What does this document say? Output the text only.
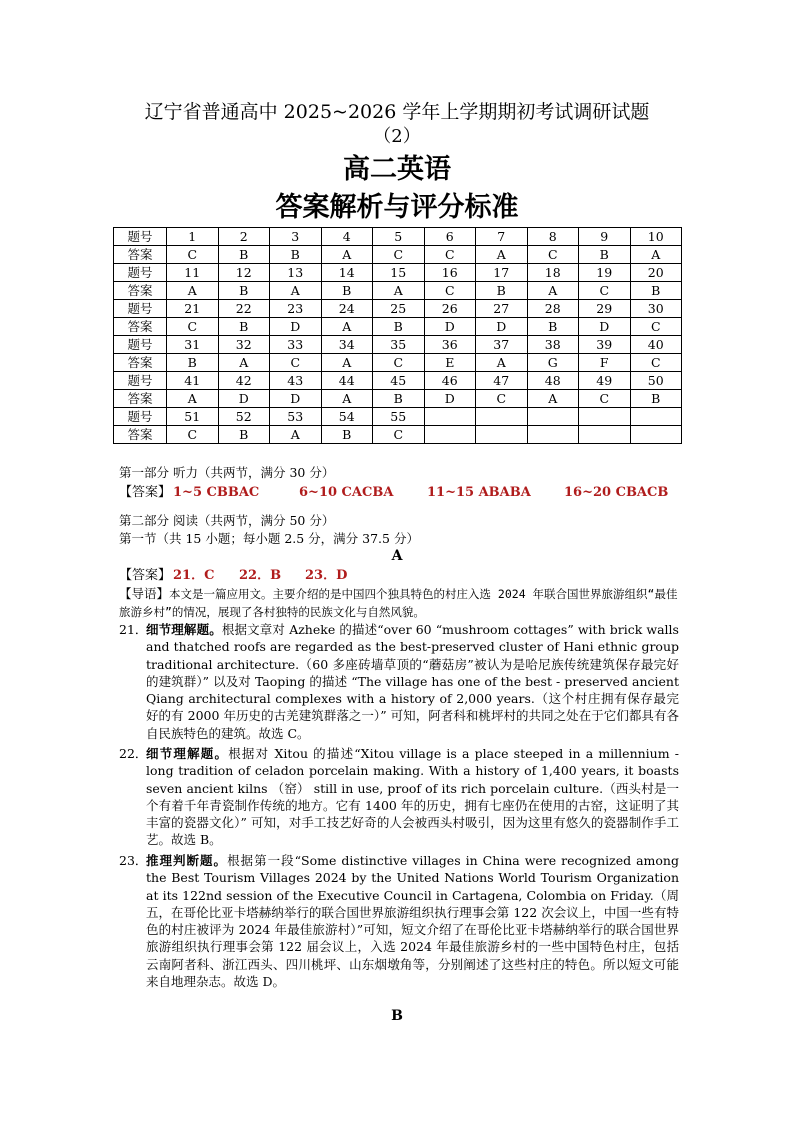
辽宁省普通高中 2025~2026 学年上学期期初考试调研试题
（2）
高二英语
答案解析与评分标准
题号	1	2	3	4	5	6	7	8	9	10
答案	C	B	B	A	C	C	A	C	B	A
题号	11	12	13	14	15	16	17	18	19	20
答案	A	B	A	B	A	C	B	A	C	B
题号	21	22	23	24	25	26	27	28	29	30
答案	C	B	D	A	B	D	D	B	D	C
题号	31	32	33	34	35	36	37	38	39	40
答案	B	A	C	A	C	E	A	G	F	C
题号	41	42	43	44	45	46	47	48	49	50
答案	A	D	D	A	B	D	C	A	C	B
题号	51	52	53	54	55					
答案	C	B	A	B	C					
第一部分 听力（共两节，满分 30 分）
【答案】 1~5 CBBAC	6~10 CACBA	11~15 ABABA	16~20 CBACB
第二部分 阅读（共两节，满分 50 分）
第一节（共 15 小题；每小题 2.5 分，满分 37.5 分）
A
【答案】 21．C 22．B 23．D
【导语】本文是一篇应用文。主要介绍的是中国四个独具特色的村庄入选 2024 年联合国世界旅游组织“最佳旅游乡村”的情况，展现了各村独特的民族文化与自然风貌。
21．
细节理解题。根据文章对 Azheke 的描述“over 60 “mushroom cottages” with brick walls and thatched roofs are regarded as the best-preserved cluster of Hani ethnic group traditional architecture.（60 多座砖墙草顶的“蘑菇房”被认为是哈尼族传统建筑保存最完好的建筑群）” 以及对 Taoping 的描述 “The village has one of the best - preserved ancient Qiang architectural complexes with a history of 2,000 years.（这个村庄拥有保存最完好的有 2000 年历史的古羌建筑群落之一）” 可知，阿者科和桃坪村的共同之处在于它们都具有各自民族特色的建筑。故选 C。
22．
细节理解题。根据对 Xitou 的描述“Xitou village is a place steeped in a millennium - long tradition of celadon porcelain making. With a history of 1,400 years, it boasts seven ancient kilns （窑） still in use, proof of its rich porcelain culture.（西头村是一个有着千年青瓷制作传统的地方。它有 1400 年的历史，拥有七座仍在使用的古窑，这证明了其丰富的瓷器文化）” 可知，对手工技艺好奇的人会被西头村吸引，因为这里有悠久的瓷器制作手工艺。故选 B。
23．
推理判断题。根据第一段“Some distinctive villages in China were recognized among the Best Tourism Villages 2024 by the United Nations World Tourism Organization at its 122nd session of the Executive Council in Cartagena, Colombia on Friday.（周五，在哥伦比亚卡塔赫纳举行的联合国世界旅游组织执行理事会第 122 次会议上，中国一些有特色的村庄被评为 2024 年最佳旅游村）”可知，短文介绍了在哥伦比亚卡塔赫纳举行的联合国世界旅游组织执行理事会第 122 届会议上，入选 2024 年最佳旅游乡村的一些中国特色村庄，包括云南阿者科、浙江西头、四川桃坪、山东烟墩角等，分别阐述了这些村庄的特色。所以短文可能来自地理杂志。故选 D。
B
